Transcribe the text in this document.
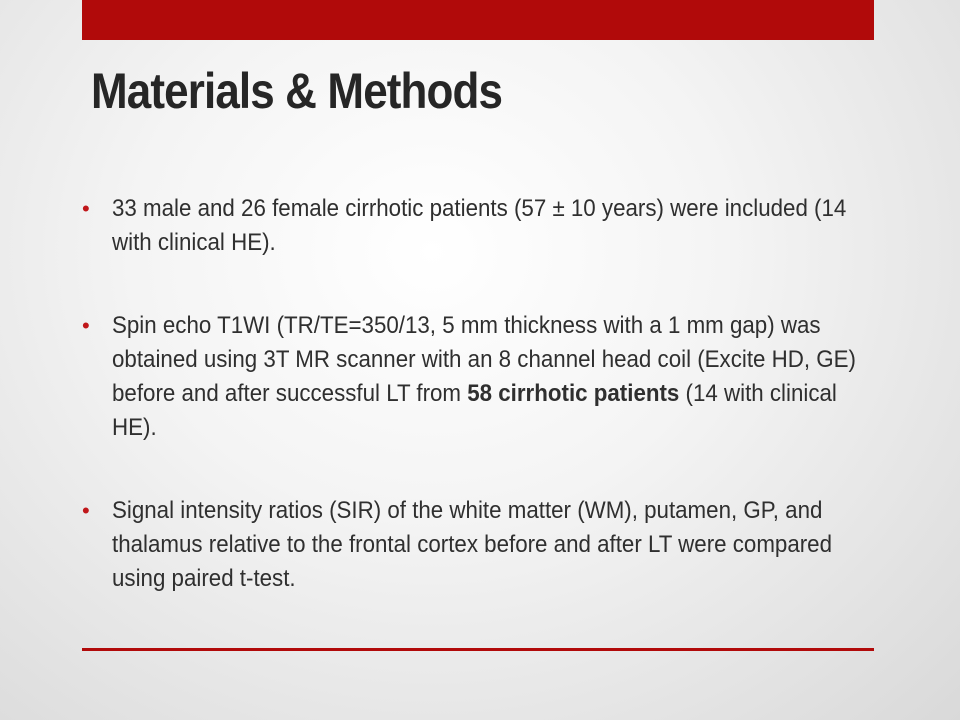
Materials & Methods
• 33 male and 26 female cirrhotic patients (57 ± 10 years) were included (14 with clinical HE).
• Spin echo T1WI (TR/TE=350/13, 5 mm thickness with a 1 mm gap) was obtained using 3T MR scanner with an 8 channel head coil (Excite HD, GE) before and after successful LT from 58 cirrhotic patients (14 with clinical HE).
• Signal intensity ratios (SIR) of the white matter (WM), putamen, GP, and thalamus relative to the frontal cortex before and after LT were compared using paired t-test.
